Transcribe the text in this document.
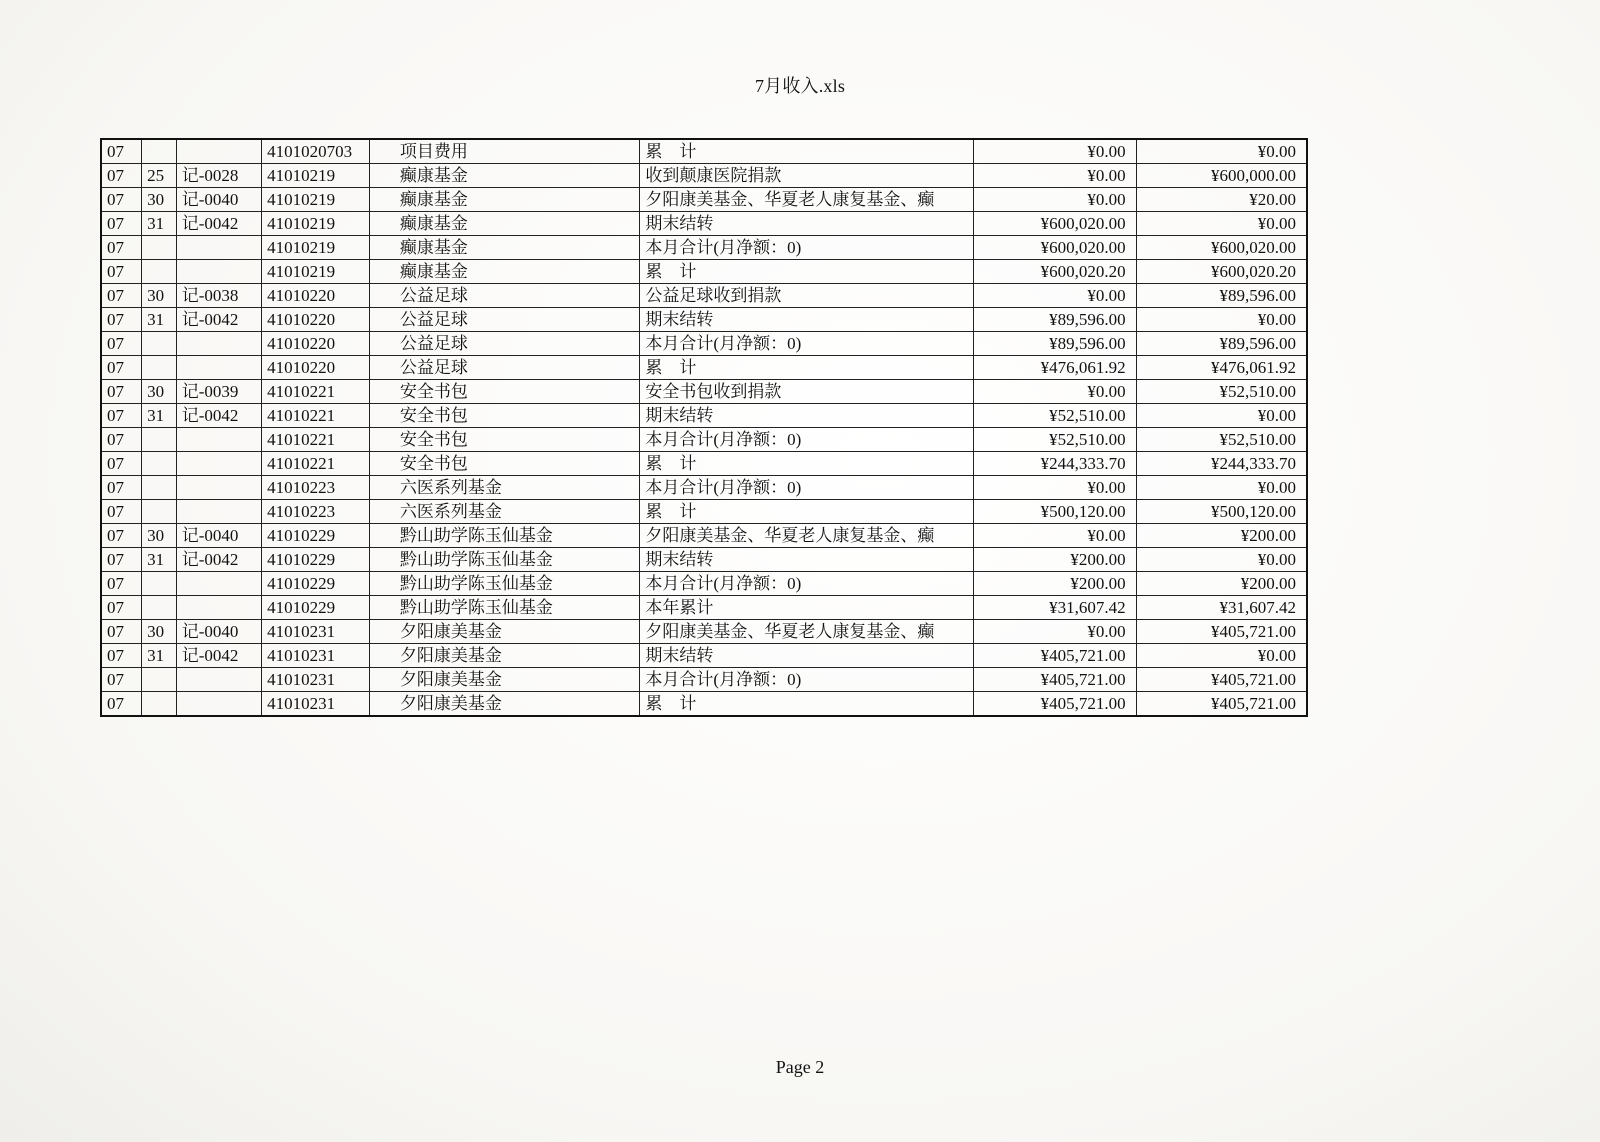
7月收入.xls
07			4101020703	项目费用	累　计	¥0.00	¥0.00
07	25	记-0028	41010219	癫康基金	收到颠康医院捐款	¥0.00	¥600,000.00
07	30	记-0040	41010219	癫康基金	夕阳康美基金、华夏老人康复基金、癫	¥0.00	¥20.00
07	31	记-0042	41010219	癫康基金	期末结转	¥600,020.00	¥0.00
07			41010219	癫康基金	本月合计(月净额：0)	¥600,020.00	¥600,020.00
07			41010219	癫康基金	累　计	¥600,020.20	¥600,020.20
07	30	记-0038	41010220	公益足球	公益足球收到捐款	¥0.00	¥89,596.00
07	31	记-0042	41010220	公益足球	期末结转	¥89,596.00	¥0.00
07			41010220	公益足球	本月合计(月净额：0)	¥89,596.00	¥89,596.00
07			41010220	公益足球	累　计	¥476,061.92	¥476,061.92
07	30	记-0039	41010221	安全书包	安全书包收到捐款	¥0.00	¥52,510.00
07	31	记-0042	41010221	安全书包	期末结转	¥52,510.00	¥0.00
07			41010221	安全书包	本月合计(月净额：0)	¥52,510.00	¥52,510.00
07			41010221	安全书包	累　计	¥244,333.70	¥244,333.70
07			41010223	六医系列基金	本月合计(月净额：0)	¥0.00	¥0.00
07			41010223	六医系列基金	累　计	¥500,120.00	¥500,120.00
07	30	记-0040	41010229	黔山助学陈玉仙基金	夕阳康美基金、华夏老人康复基金、癫	¥0.00	¥200.00
07	31	记-0042	41010229	黔山助学陈玉仙基金	期末结转	¥200.00	¥0.00
07			41010229	黔山助学陈玉仙基金	本月合计(月净额：0)	¥200.00	¥200.00
07			41010229	黔山助学陈玉仙基金	本年累计	¥31,607.42	¥31,607.42
07	30	记-0040	41010231	夕阳康美基金	夕阳康美基金、华夏老人康复基金、癫	¥0.00	¥405,721.00
07	31	记-0042	41010231	夕阳康美基金	期末结转	¥405,721.00	¥0.00
07			41010231	夕阳康美基金	本月合计(月净额：0)	¥405,721.00	¥405,721.00
07			41010231	夕阳康美基金	累　计	¥405,721.00	¥405,721.00
Page 2
